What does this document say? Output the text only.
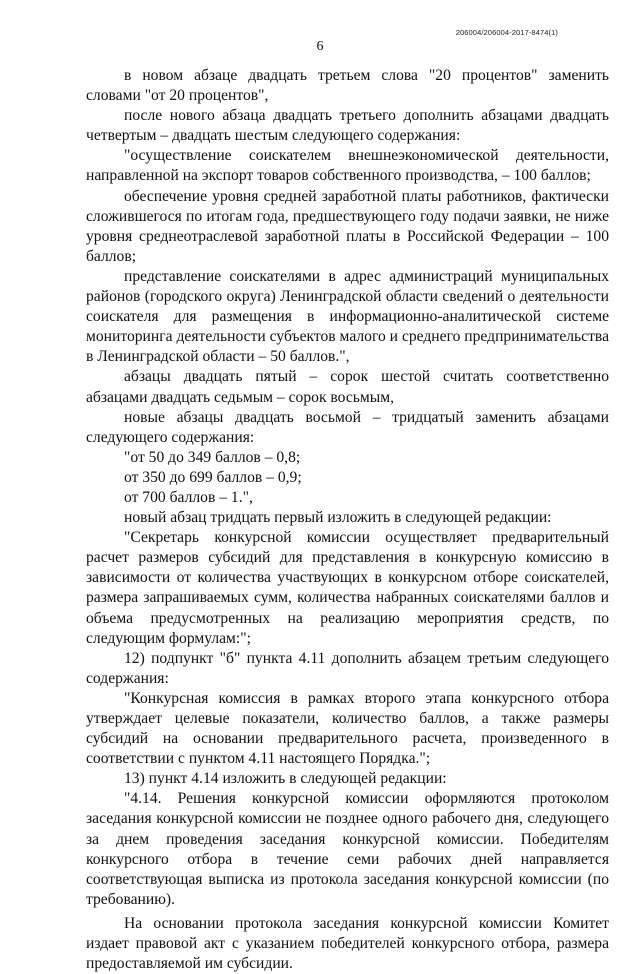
206004/206004-2017-8474(1)
6

в новом абзаце двадцать третьем слова "20 процентов" заменить словами "от 20 процентов",

после нового абзаца двадцать третьего дополнить абзацами двадцать четвертым – двадцать шестым следующего содержания:

"осуществление соискателем внешнеэкономической деятельности, направленной на экспорт товаров собственного производства, – 100 баллов;

обеспечение уровня средней заработной платы работников, фактически сложившегося по итогам года, предшествующего году подачи заявки, не ниже уровня среднеотраслевой заработной платы в Российской Федерации – 100 баллов;

представление соискателями в адрес администраций муниципальных районов (городского округа) Ленинградской области сведений о деятельности соискателя для размещения в информационно-аналитической системе мониторинга деятельности субъектов малого и среднего предпринимательства в Ленинградской области – 50 баллов.",

абзацы двадцать пятый – сорок шестой считать соответственно абзацами двадцать седьмым – сорок восьмым,

новые абзацы двадцать восьмой – тридцатый заменить абзацами следующего содержания:

"от 50 до 349 баллов – 0,8;

от 350 до 699 баллов – 0,9;

от 700 баллов – 1.",

новый абзац тридцать первый изложить в следующей редакции:

"Секретарь конкурсной комиссии осуществляет предварительный расчет размеров субсидий для представления в конкурсную комиссию в зависимости от количества участвующих в конкурсном отборе соискателей, размера запрашиваемых сумм, количества набранных соискателями баллов и объема предусмотренных на реализацию мероприятия средств, по следующим формулам:";

12) подпункт "б" пункта 4.11 дополнить абзацем третьим следующего содержания:

"Конкурсная комиссия в рамках второго этапа конкурсного отбора утверждает целевые показатели, количество баллов, а также размеры субсидий на основании предварительного расчета, произведенного в соответствии с пунктом 4.11 настоящего Порядка.";

13) пункт 4.14 изложить в следующей редакции:

"4.14. Решения конкурсной комиссии оформляются протоколом заседания конкурсной комиссии не позднее одного рабочего дня, следующего за днем проведения заседания конкурсной комиссии. Победителям конкурсного отбора в течение семи рабочих дней направляется соответствующая выписка из протокола заседания конкурсной комиссии (по требованию).

На основании протокола заседания конкурсной комиссии Комитет издает правовой акт с указанием победителей конкурсного отбора, размера предоставляемой им субсидии.
